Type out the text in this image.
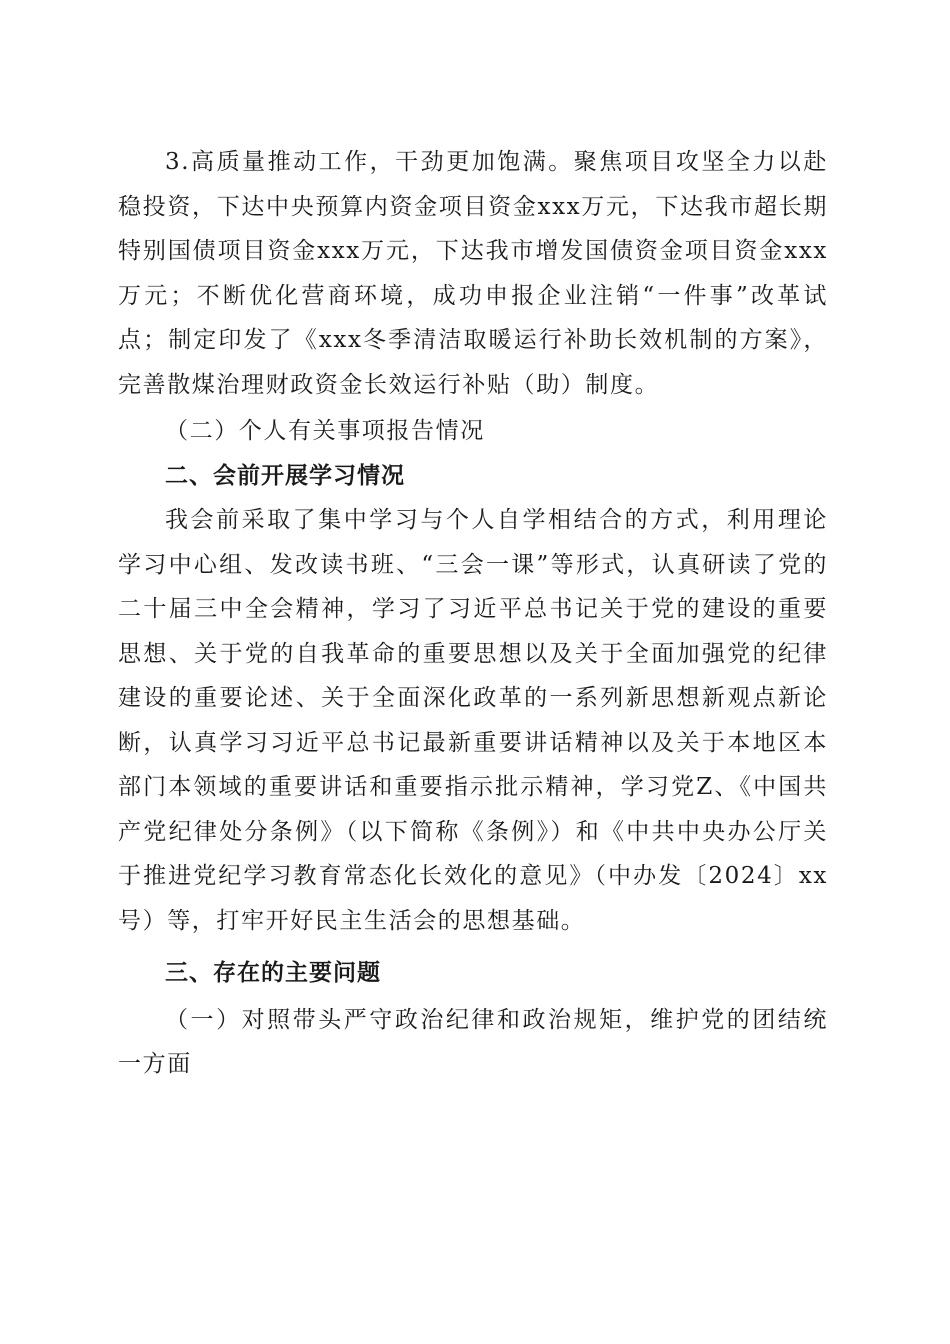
3.高质量推动工作，干劲更加饱满。聚焦项目攻坚全力以赴稳投资，下达中央预算内资金项目资金xxx万元，下达我市超长期特别国债项目资金xxx万元，下达我市增发国债资金项目资金xxx万元；不断优化营商环境，成功申报企业注销“一件事”改革试点；制定印发了《xxx冬季清洁取暖运行补助长效机制的方案》，完善散煤治理财政资金长效运行补贴（助）制度。

（二）个人有关事项报告情况

二、会前开展学习情况

我会前采取了集中学习与个人自学相结合的方式，利用理论学习中心组、发改读书班、“三会一课”等形式，认真研读了党的二十届三中全会精神，学习了习近平总书记关于党的建设的重要思想、关于党的自我革命的重要思想以及关于全面加强党的纪律建设的重要论述、关于全面深化政革的一系列新思想新观点新论断，认真学习习近平总书记最新重要讲话精神以及关于本地区本部门本领域的重要讲话和重要指示批示精神，学习党Z、《中国共产党纪律处分条例》（以下简称《条例》）和《中共中央办公厅关于推进党纪学习教育常态化长效化的意见》（中办发〔2024〕xx号）等，打牢开好民主生活会的思想基础。

三、存在的主要问题

（一）对照带头严守政治纪律和政治规矩，维护党的团结统一方面
